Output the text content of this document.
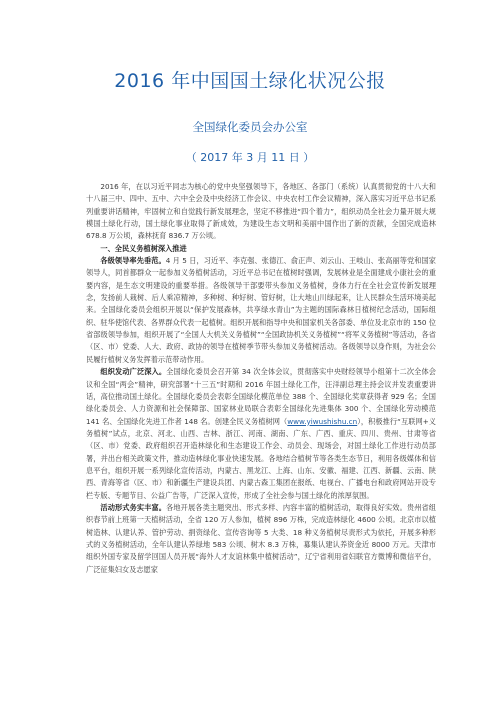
2016 年中国国土绿化状况公报
全国绿化委员会办公室
（ 2017 年 3 月 11 日 ）

2016 年，在以习近平同志为核心的党中央坚强领导下，各地区、各部门（系统）认真贯彻党的十八大和十八届三中、四中、五中、六中全会及中央经济工作会议、中央农村工作会议精神，深入落实习近平总书记系列重要讲话精神，牢固树立和自觉践行新发展理念，坚定不移推进“四个着力”，组织动员全社会力量开展大规模国土绿化行动，国土绿化事业取得了新成效，为建设生态文明和美丽中国作出了新的贡献，全国完成造林 678.8 万公顷，森林抚育 836.7 万公顷。

一、全民义务植树深入推进

各级领导率先垂范。4 月 5 日，习近平、李克强、张德江、俞正声、刘云山、王岐山、张高丽等党和国家领导人，同首都群众一起参加义务植树活动，习近平总书记在植树时强调，发展林业是全面建成小康社会的重要内容，是生态文明建设的重要举措。各级领导干部要带头参加义务植树，身体力行在全社会宣传新发展理念，发扬前人栽树、后人乘凉精神，多种树、种好树、管好树，让大地山川绿起来，让人民群众生活环境美起来。全国绿化委员会组织开展以“保护发展森林，共享绿水青山”为主题的国际森林日植树纪念活动，国际组织、驻华使馆代表、各界群众代表一起植树。组织开展和指导中央和国家机关各部委、单位及北京市的 150 位省部级领导参加，组织开展了“全国人大机关义务植树”“全国政协机关义务植树”“将军义务植树”等活动，各省（区、市）党委、人大、政府、政协的领导在植树季节带头参加义务植树活动。各级领导以身作则，为社会公民履行植树义务发挥着示范带动作用。

组织发动广泛深入。全国绿化委员会召开第 34 次全体会议，贯彻落实中央财经领导小组第十二次全体会议和全国“两会”精神，研究部署“十三五”时期和 2016 年国土绿化工作，汪洋副总理主持会议并发表重要讲话，高位推动国土绿化。全国绿化委员会表彰全国绿化模范单位 388 个、全国绿化奖章获得者 929 名；全国绿化委员会、人力资源和社会保障部、国家林业局联合表彰全国绿化先进集体 300 个、全国绿化劳动模范 141 名、全国绿化先进工作者 148 名。创建全民义务植树网（www.yiwushishu.cn），积极推行“互联网+义务植树”试点，北京、河北、山西、吉林、浙江、河南、湖南、广东、广西、重庆、四川、贵州、甘肃等省（区、市）党委、政府组织召开造林绿化和生态建设工作会、动员会、现场会，对国土绿化工作进行动员部署，并出台相关政策文件，推动造林绿化事业快速发展。各地结合植树节等各类生态节日，利用各级媒体和信息平台，组织开展一系列绿化宣传活动，内蒙古、黑龙江、上海、山东、安徽、福建、江西、新疆、云南、陕西、青海等省（区、市）和新疆生产建设兵团、内蒙古森工集团在报纸、电视台、广播电台和政府网站开设专栏专版、专题节目、公益广告等，广泛深入宣传，形成了全社会参与国土绿化的浓厚氛围。

活动形式务实丰富。各地开展各类主题突出、形式多样、内容丰富的植树活动，取得良好实效。贵州省组织春节前上班第一天植树活动，全省 120 万人参加，植树 896 万株，完成造林绿化 4600 公顷。北京市以植树造林、认建认养、管护劳动、捐资绿化、宣传咨询等 5 大类、18 种义务植树尽责形式为依托，开展多种形式的义务植树活动，全年认建认养绿地 583 公顷、树木 8.3 万株，募集认建认养资金近 8000 万元。天津市组织外国专家及留学回国人员开展“海外人才友谊林集中植树活动”，辽宁省利用省妇联官方微博和微信平台，广泛征集妇女及志愿家
